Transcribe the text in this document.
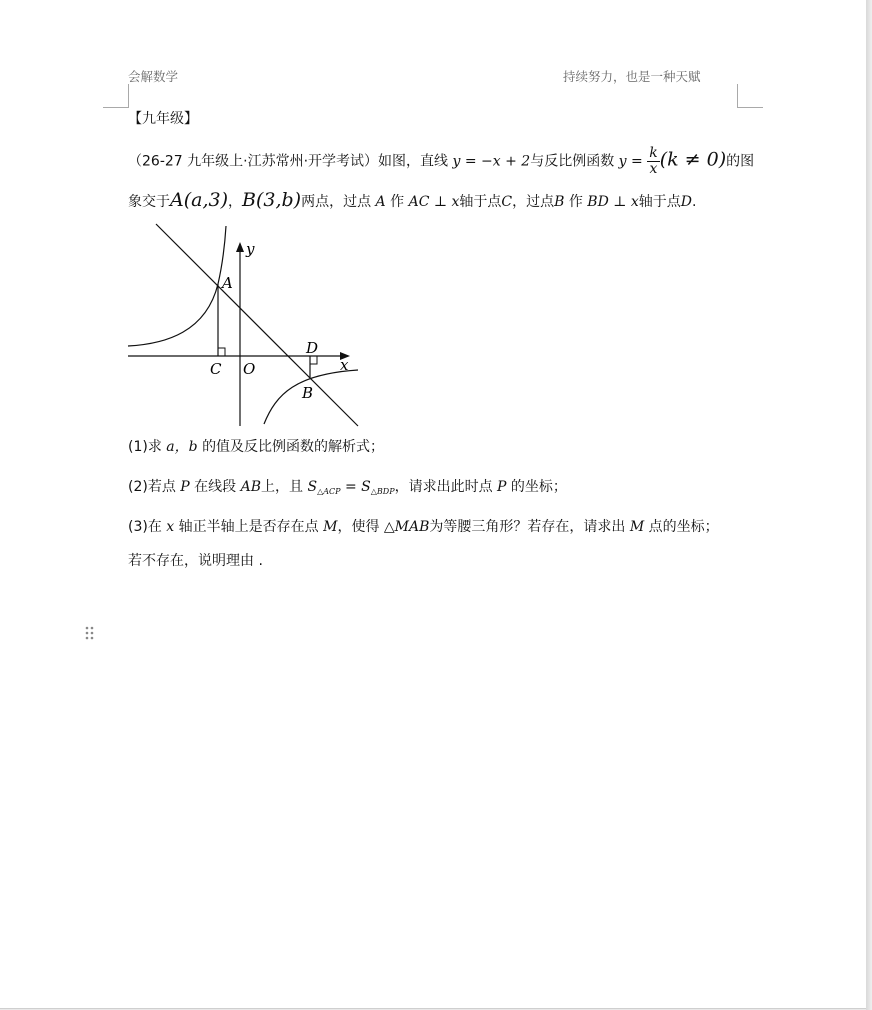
会解数学	持续努力，也是一种天赋
【九年级】
（26-27 九年级上·江苏常州·开学考试）如图，直线 y = −x + 2与反比例函数 $y = \frac{k}{x} (k \ne 0)$的图
象交于A(a,3)，B(3,b)两点，过点 A 作 AC ⊥ x轴于点C，过点B 作 BD ⊥ x轴于点D.
y
x
A
C O
D
B
(1)求 a，b 的值及反比例函数的解析式；
(2)若点 P 在线段 AB上，且 $S_{\triangle ACP} = S_{\triangle BDP}$，请求出此时点 P 的坐标；
(3)在 x 轴正半轴上是否存在点 M，使得 △MAB为等腰三角形？若存在，请求出 M 点的坐标；
若不存在，说明理由 .
